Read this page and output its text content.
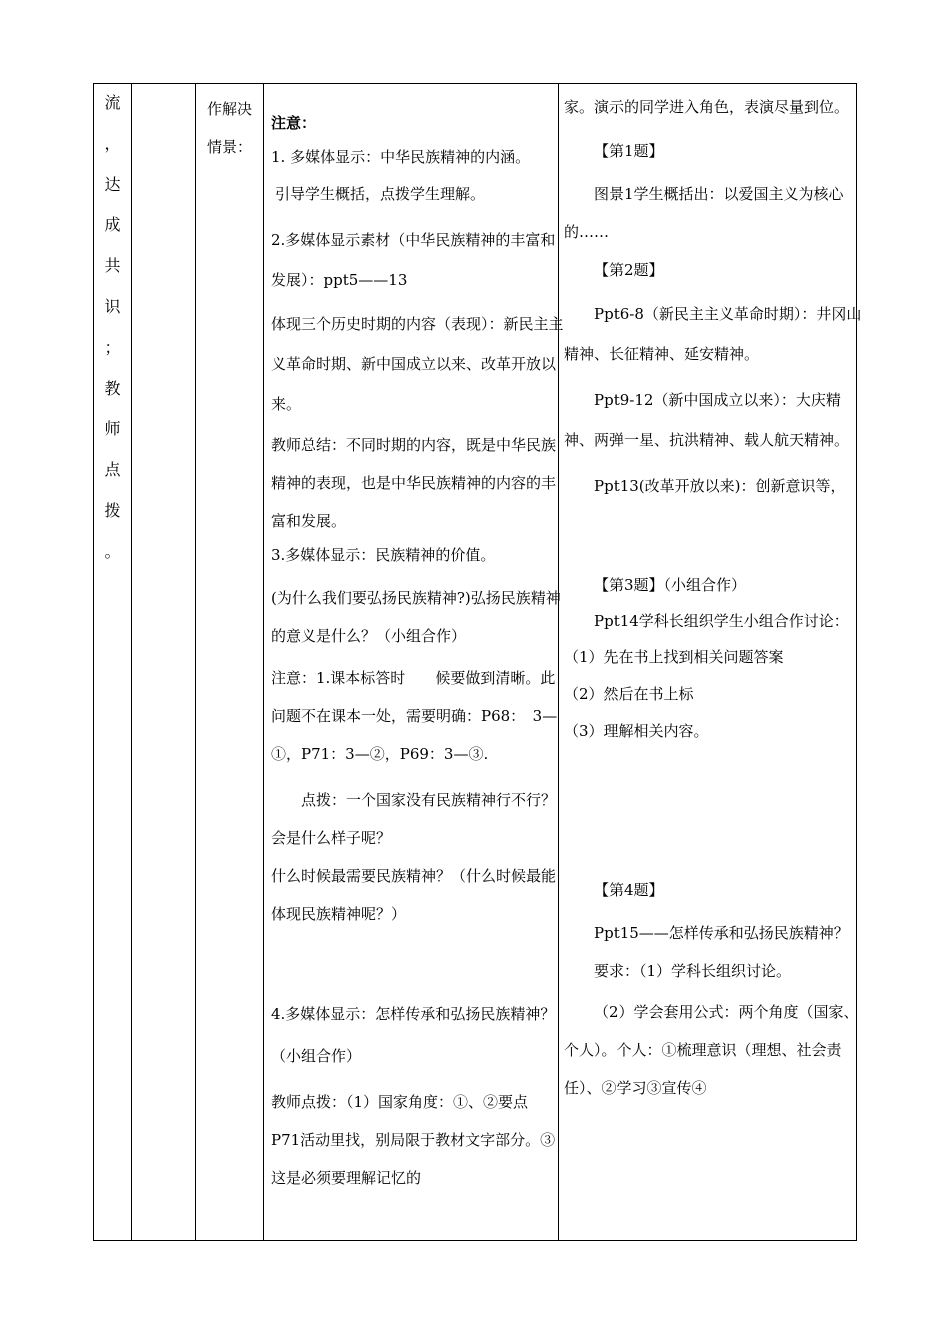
流
，
达
成
共
识
；
教
师
点
拨
。
作解决
情景：
注意：
1. 多媒体显示：中华民族精神的内涵。
引导学生概括，点拨学生理解。
2.多媒体显示素材（中华民族精神的丰富和发展）：ppt5——13
体现三个历史时期的内容（表现）：新民主主义革命时期、新中国成立以来、改革开放以来。
教师总结：不同时期的内容，既是中华民族精神的表现，也是中华民族精神的内容的丰富和发展。
3.多媒体显示：民族精神的价值。
(为什么我们要弘扬民族精神?)弘扬民族精神的意义是什么？（小组合作）
注意：1.课本标答时　　候要做到清晰。此问题不在课本一处，需要明确：P68：　3—①，P71：3—②，P69：3—③.
点拨：一个国家没有民族精神行不行？会是什么样子呢？
什么时候最需要民族精神？（什么时候最能体现民族精神呢？）
4.多媒体显示：怎样传承和弘扬民族精神？（小组合作）
教师点拨：（1）国家角度：①、②要点　P71活动里找，别局限于教材文字部分。③这是必须要理解记忆的
家。演示的同学进入角色，表演尽量到位。
【第1题】
图景1学生概括出：以爱国主义为核心的……
【第2题】
Ppt6-8（新民主主义革命时期）：井冈山精神、长征精神、延安精神。
Ppt9-12（新中国成立以来）：大庆精神、两弹一星、抗洪精神、载人航天精神。
Ppt13(改革开放以来)：创新意识等，
【第3题】（小组合作）
Ppt14学科长组织学生小组合作讨论：（1）先在书上找到相关问题答案
（2）然后在书上标
（3）理解相关内容。
【第4题】
Ppt15——怎样传承和弘扬民族精神？
要求：（1）学科长组织讨论。
（2）学会套用公式：两个角度（国家、个人）。个人：①梳理意识（理想、社会责任）、②学习③宣传④
